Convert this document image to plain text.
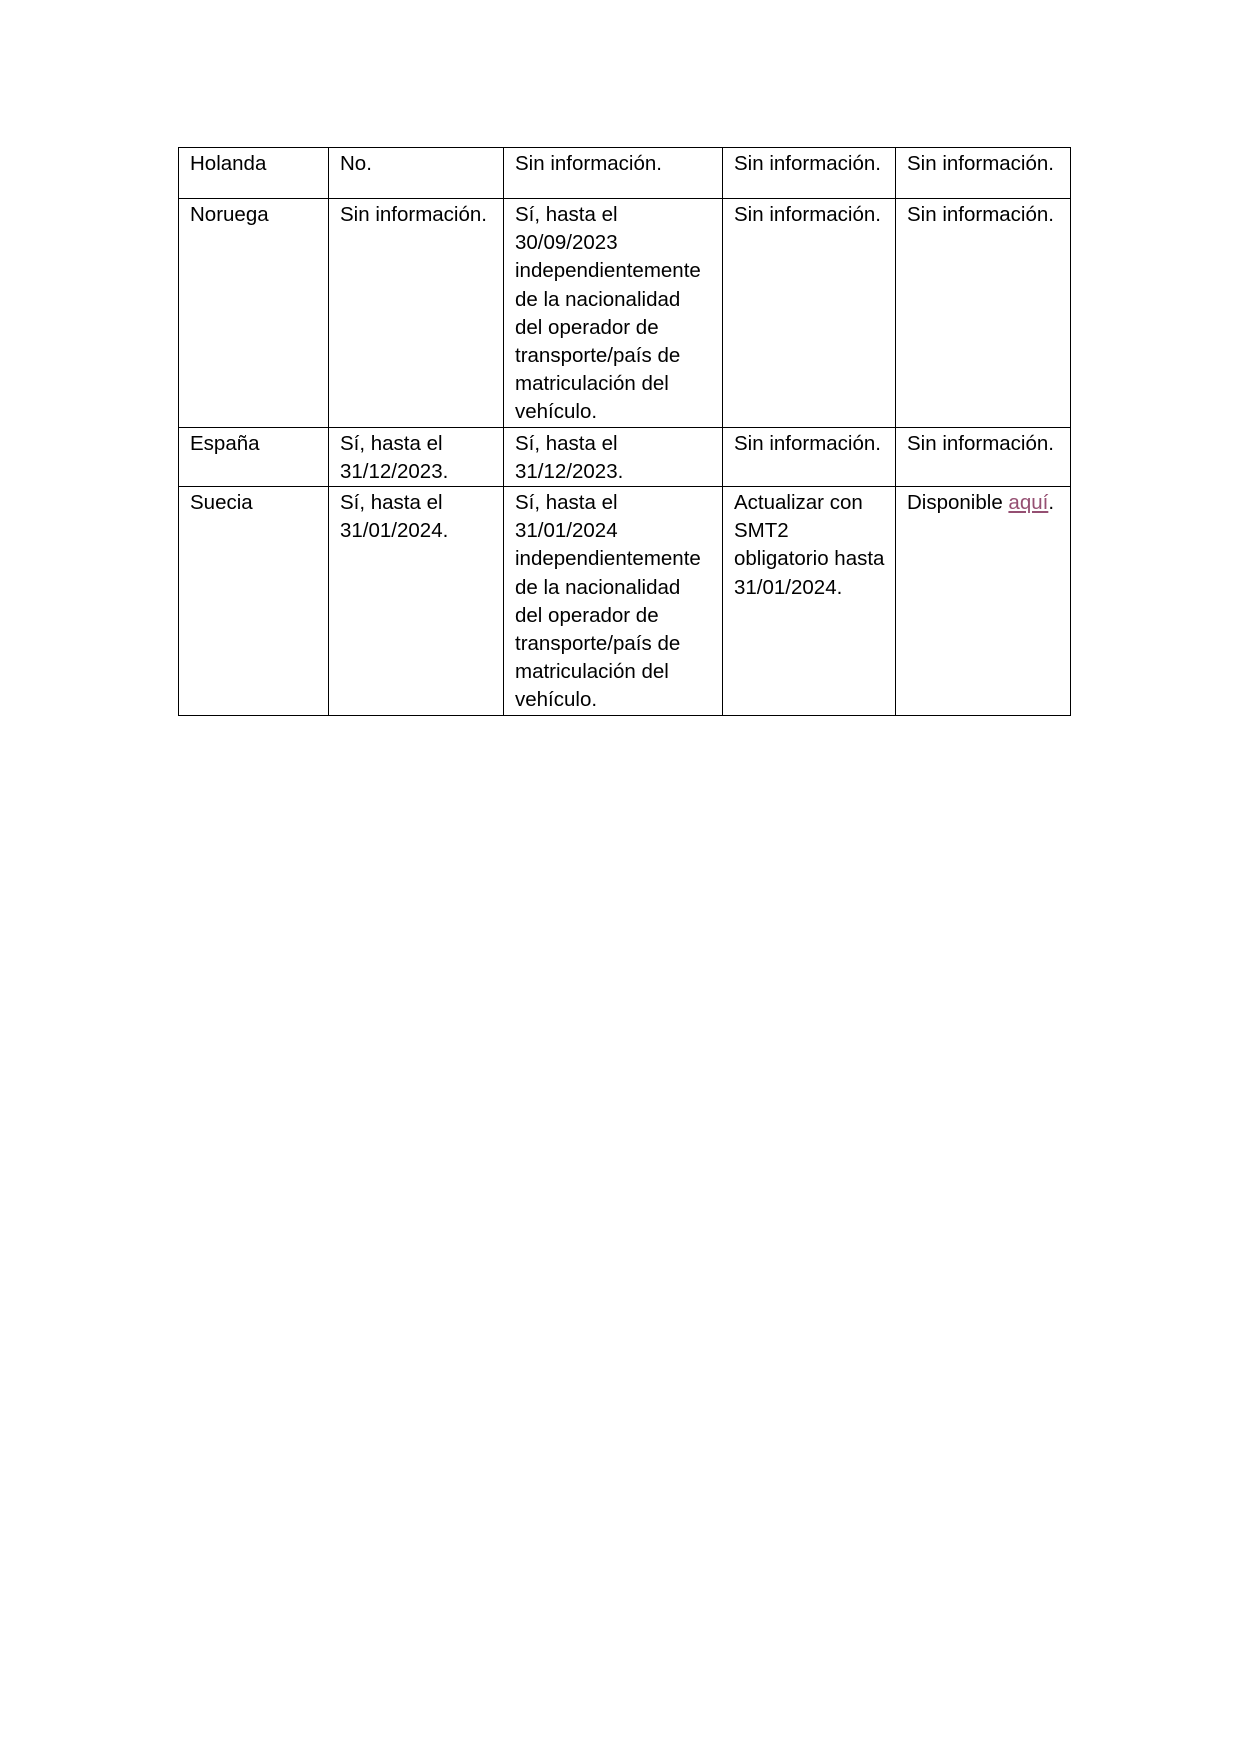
Holanda	No.	Sin información.	Sin información.	Sin información.
Noruega	Sin información.	Sí, hasta el 30/09/2023 independientemente de la nacionalidad del operador de transporte/país de matriculación del vehículo.	Sin información.	Sin información.
España	Sí, hasta el 31/12/2023.	Sí, hasta el 31/12/2023.	Sin información.	Sin información.
Suecia	Sí, hasta el 31/01/2024.	Sí, hasta el 31/01/2024 independientemente de la nacionalidad del operador de transporte/país de matriculación del vehículo.	Actualizar con SMT2 obligatorio hasta 31/01/2024.	Disponible aquí.
